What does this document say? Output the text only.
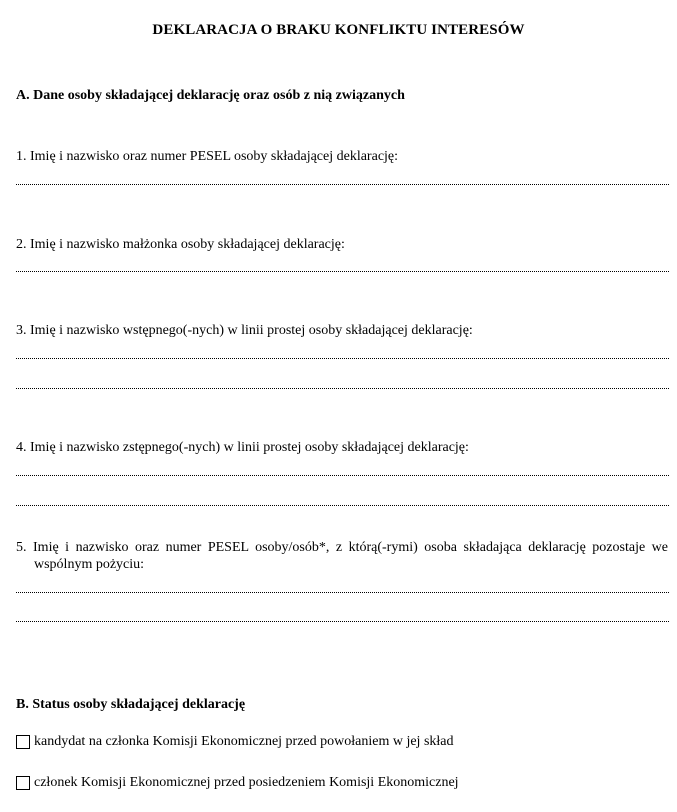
DEKLARACJA O BRAKU KONFLIKTU INTERESÓW
A. Dane osoby składającej deklarację oraz osób z nią związanych
1. Imię i nazwisko oraz numer PESEL osoby składającej deklarację:
2. Imię i nazwisko małżonka osoby składającej deklarację:
3. Imię i nazwisko wstępnego(-nych) w linii prostej osoby składającej deklarację:
4. Imię i nazwisko zstępnego(-nych) w linii prostej osoby składającej deklarację:
5. Imię i nazwisko oraz numer PESEL osoby/osób*, z którą(-rymi) osoba składająca deklarację pozostaje we
wspólnym pożyciu:
B. Status osoby składającej deklarację
kandydat na członka Komisji Ekonomicznej przed powołaniem w jej skład
członek Komisji Ekonomicznej przed posiedzeniem Komisji Ekonomicznej
